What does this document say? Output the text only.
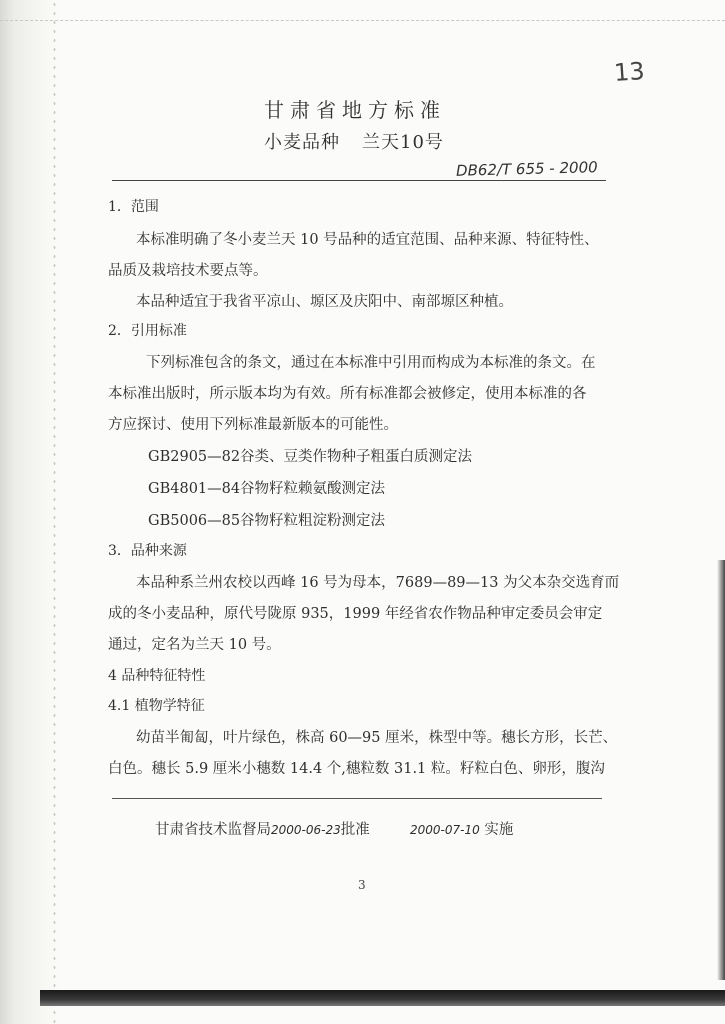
13
甘肃省地方标准
小麦品种 兰天10号
DB62/T 655 - 2000
1．范围
本标准明确了冬小麦兰天 10 号品种的适宜范围、品种来源、特征特性、
品质及栽培技术要点等。
本品种适宜于我省平凉山、塬区及庆阳中、南部塬区种植。
2．引用标准
下列标准包含的条文，通过在本标准中引用而构成为本标准的条文。在
本标准出版时，所示版本均为有效。所有标准都会被修定，使用本标准的各
方应探讨、使用下列标准最新版本的可能性。
GB2905—82谷类、豆类作物种子粗蛋白质测定法
GB4801—84谷物籽粒赖氨酸测定法
GB5006—85谷物籽粒粗淀粉测定法
3．品种来源
本品种系兰州农校以西峰 16 号为母本，7689—89—13 为父本杂交选育而
成的冬小麦品种，原代号陇原 935，1999 年经省农作物品种审定委员会审定
通过，定名为兰天 10 号。
4 品种特征特性
4.1 植物学特征
幼苗半匍匐，叶片绿色，株高 60—95 厘米，株型中等。穗长方形，长芒、
白色。穗长 5.9 厘米小穗数 14.4 个,穗粒数 31.1 粒。籽粒白色、卵形，腹沟
甘肃省技术监督局2000-06-23批准	2000-07-10 实施
3
